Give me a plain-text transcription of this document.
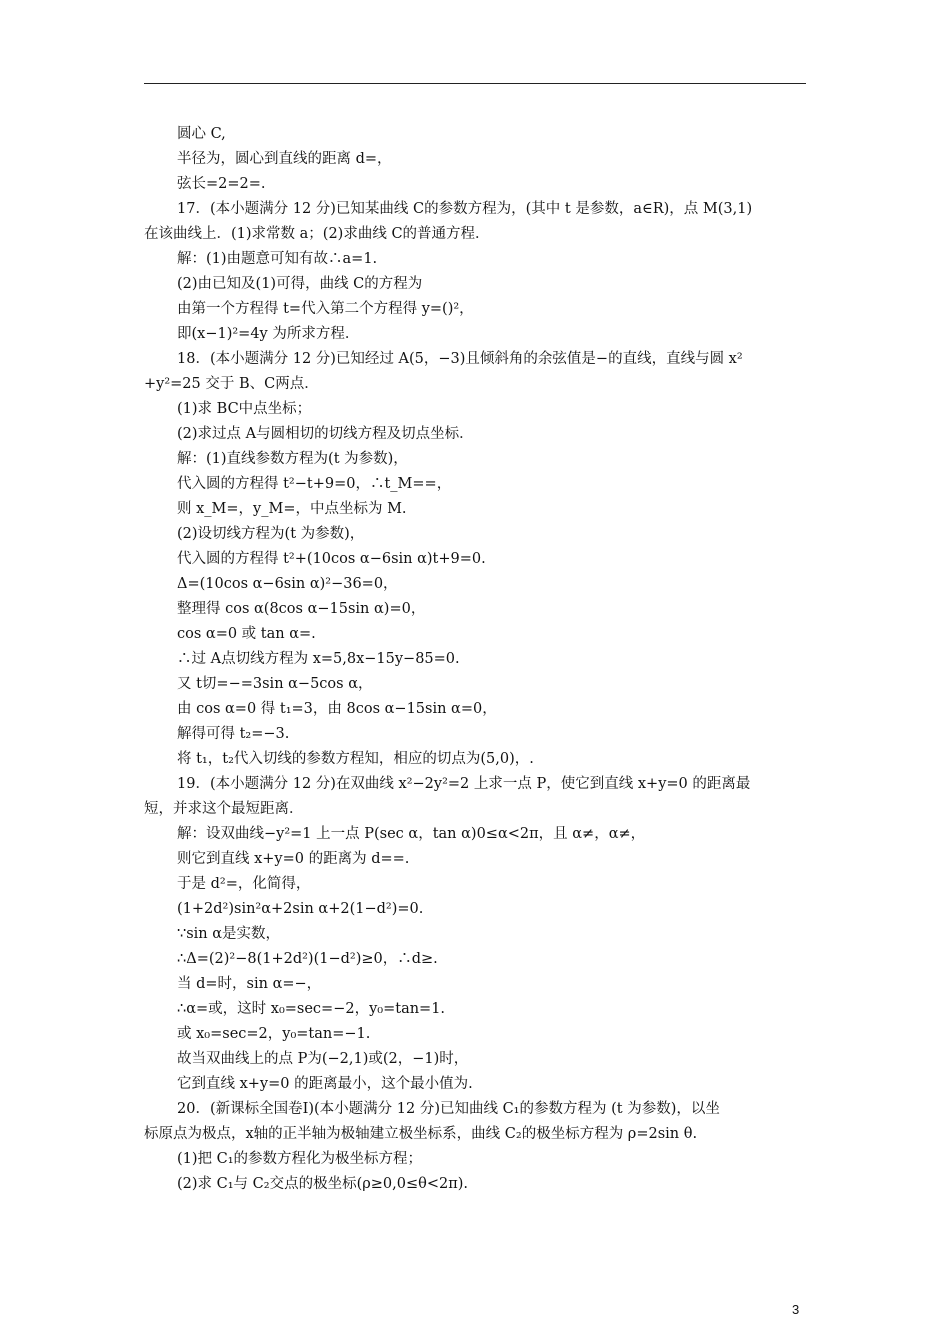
圆心 C,
半径为，圆心到直线的距离 d=，
弦长=2=2=.
17．(本小题满分 12 分)已知某曲线 C的参数方程为，(其中 t 是参数，a∈R)，点 M(3,1)
在该曲线上．(1)求常数 a；(2)求曲线 C的普通方程．
解：(1)由题意可知有故∴a=1.
(2)由已知及(1)可得，曲线 C的方程为
由第一个方程得 t=代入第二个方程得 y=()²，
即(x−1)²=4y 为所求方程．
18．(本小题满分 12 分)已知经过 A(5，−3)且倾斜角的余弦值是−的直线，直线与圆 x²
+y²=25 交于 B、C两点．
(1)求 BC中点坐标；
(2)求过点 A与圆相切的切线方程及切点坐标．
解：(1)直线参数方程为(t 为参数)，
代入圆的方程得 t²−t+9=0，∴t_M==，
则 x_M=，y_M=，中点坐标为 M.
(2)设切线方程为(t 为参数)，
代入圆的方程得 t²+(10cos α−6sin α)t+9=0.
Δ=(10cos α−6sin α)²−36=0，
整理得 cos α(8cos α−15sin α)=0，
cos α=0 或 tan α=.
∴过 A点切线方程为 x=5,8x−15y−85=0.
又 t切=−=3sin α−5cos α，
由 cos α=0 得 t₁=3，由 8cos α−15sin α=0，
解得可得 t₂=−3.
将 t₁，t₂代入切线的参数方程知，相应的切点为(5,0)，.
19．(本小题满分 12 分)在双曲线 x²−2y²=2 上求一点 P，使它到直线 x+y=0 的距离最
短，并求这个最短距离．
解：设双曲线−y²=1 上一点 P(sec α，tan α)0≤α<2π，且 α≠，α≠，
则它到直线 x+y=0 的距离为 d==.
于是 d²=，化简得，
(1+2d²)sin²α+2sin α+2(1−d²)=0.
∵sin α是实数，
∴Δ=(2)²−8(1+2d²)(1−d²)≥0，∴d≥.
当 d=时，sin α=−，
∴α=或，这时 x₀=sec=−2，y₀=tan=1.
或 x₀=sec=2，y₀=tan=−1.
故当双曲线上的点 P为(−2,1)或(2，−1)时，
它到直线 x+y=0 的距离最小，这个最小值为.
20．(新课标全国卷Ⅰ)(本小题满分 12 分)已知曲线 C₁的参数方程为 (t 为参数)，以坐
标原点为极点，x轴的正半轴为极轴建立极坐标系，曲线 C₂的极坐标方程为 ρ=2sin θ.
(1)把 C₁的参数方程化为极坐标方程；
(2)求 C₁与 C₂交点的极坐标(ρ≥0,0≤θ<2π).
3
